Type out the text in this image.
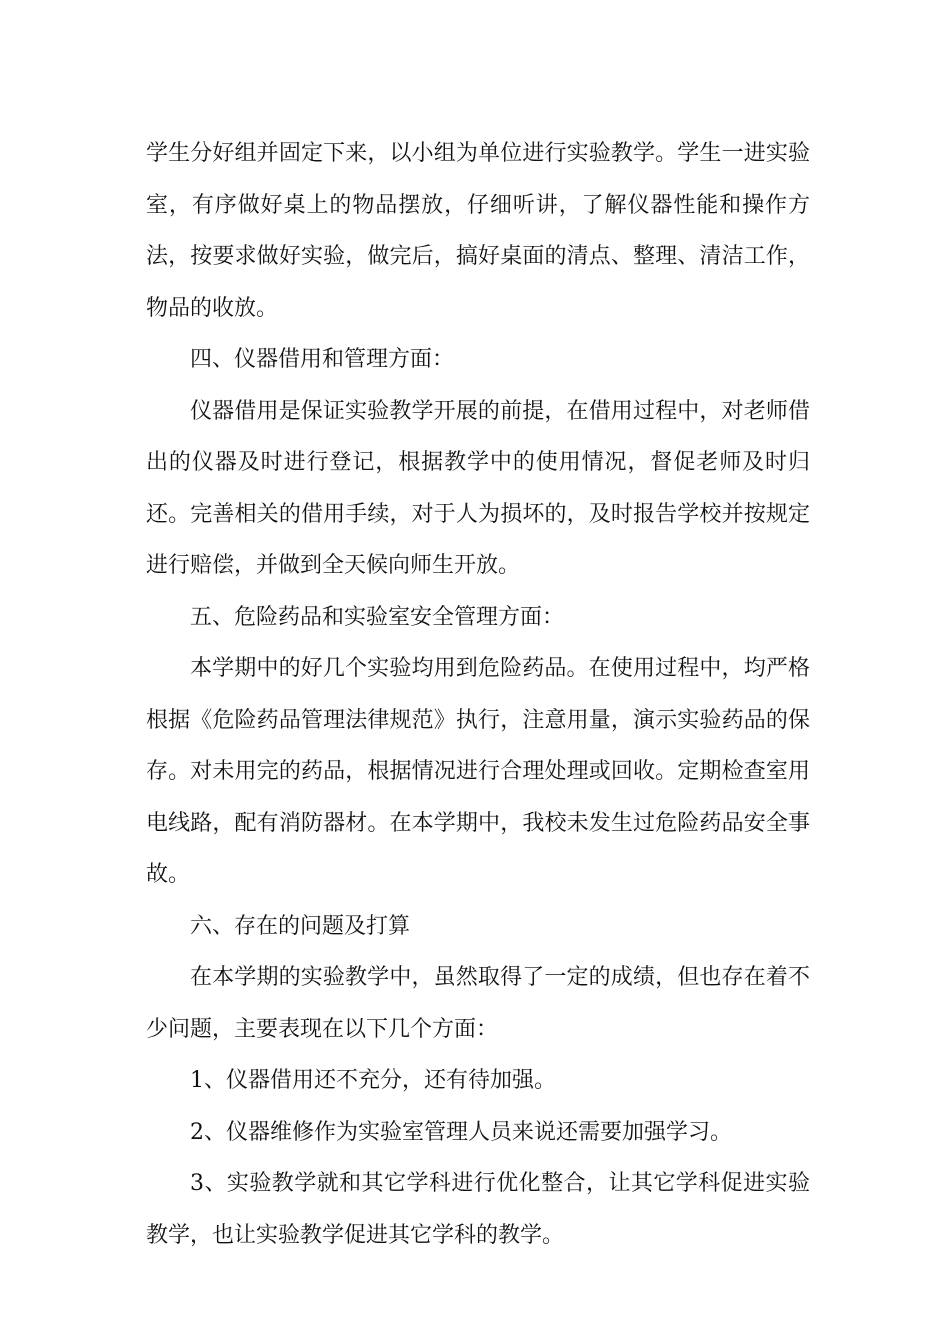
学生分好组并固定下来，以小组为单位进行实验教学。学生一进实验室，有序做好桌上的物品摆放，仔细听讲，了解仪器性能和操作方法，按要求做好实验，做完后，搞好桌面的清点、整理、清洁工作，物品的收放。

四、仪器借用和管理方面：

仪器借用是保证实验教学开展的前提，在借用过程中，对老师借出的仪器及时进行登记，根据教学中的使用情况，督促老师及时归还。完善相关的借用手续，对于人为损坏的，及时报告学校并按规定进行赔偿，并做到全天候向师生开放。

五、危险药品和实验室安全管理方面：

本学期中的好几个实验均用到危险药品。在使用过程中，均严格根据《危险药品管理法律规范》执行，注意用量，演示实验药品的保存。对未用完的药品，根据情况进行合理处理或回收。定期检查室用电线路，配有消防器材。在本学期中，我校未发生过危险药品安全事故。

六、存在的问题及打算

在本学期的实验教学中，虽然取得了一定的成绩，但也存在着不少问题，主要表现在以下几个方面：

1、仪器借用还不充分，还有待加强。

2、仪器维修作为实验室管理人员来说还需要加强学习。

3、实验教学就和其它学科进行优化整合，让其它学科促进实验教学，也让实验教学促进其它学科的教学。
